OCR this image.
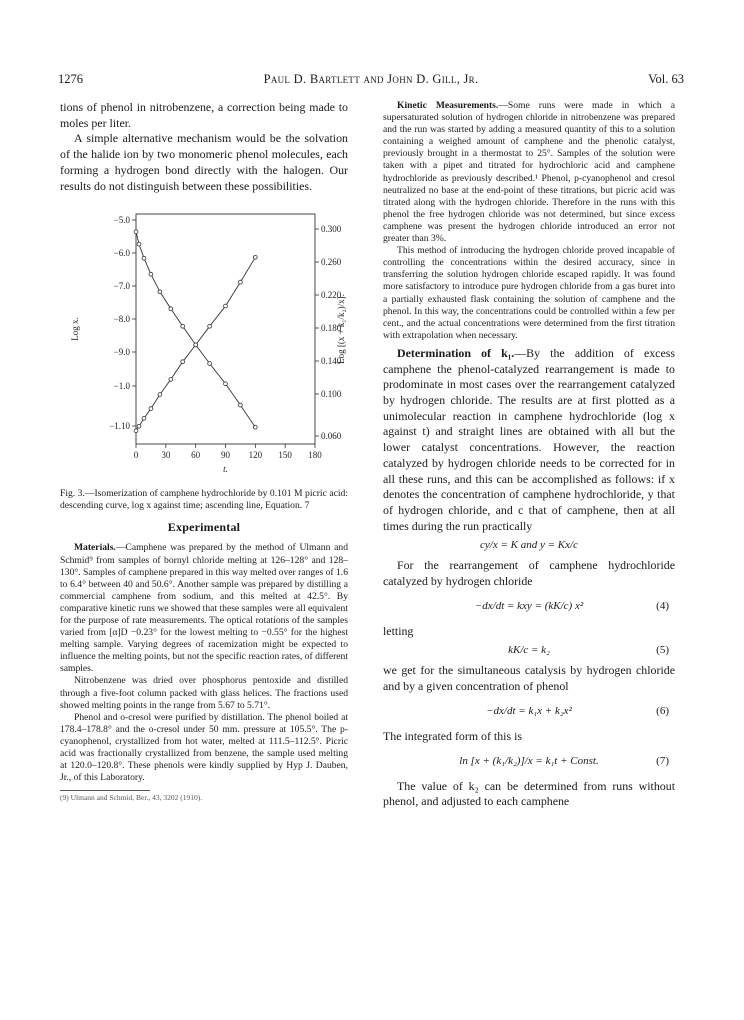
1276	Paul D. Bartlett and John D. Gill, Jr.	Vol. 63

tions of phenol in nitrobenzene, a correction being made to moles per liter.

A simple alternative mechanism would be the solvation of the halide ion by two monomeric phenol molecules, each forming a hydrogen bond directly with the halogen. Our results do not distinguish between these possibilities.

0	30 60 90 120 150 180
t.
−5.0
−6.0
−7.0
−8.0
−9.0
−1.0
−1.10
Log x.
0.300
0.260
0.220
0.180
0.140
0.100
0.060
Log [(x + k₁/k₂)/x].

Fig. 3.—Isomerization of camphene hydrochloride by 0.101 M picric acid: descending curve, log x against time; ascending line, Equation. 7

Experimental

Materials.—Camphene was prepared by the method of Ulmann and Schmid⁹ from samples of bornyl chloride melting at 126–128° and 128–130°. Samples of camphene prepared in this way melted over ranges of 1.6 to 6.4° between 40 and 50.6°. Another sample was prepared by distilling a commercial camphene from sodium, and this melted at 42.5°. By comparative kinetic runs we showed that these samples were all equivalent for the purpose of rate measurements. The optical rotations of the samples varied from [α]D −0.23° for the lowest melting to −0.55° for the highest melting sample. Varying degrees of racemization might be expected to influence the melting points, but not the specific reaction rates, of different samples.

Nitrobenzene was dried over phosphorus pentoxide and distilled through a five-foot column packed with glass helices. The fractions used showed melting points in the range from 5.67 to 5.71°.

Phenol and o-cresol were purified by distillation. The phenol boiled at 178.4–178.8° and the o-cresol under 50 mm. pressure at 105.5°. The p-cyanophenol, crystallized from hot water, melted at 111.5–112.5°. Picric acid was fractionally crystallized from benzene, the sample used melting at 120.0–120.8°. These phenols were kindly supplied by Hyp J. Dauben, Jr., of this Laboratory.

(9) Ulmann and Schmid, Ber., 43, 3202 (1910).

Kinetic Measurements.—Some runs were made in which a supersaturated solution of hydrogen chloride in nitrobenzene was prepared and the run was started by adding a measured quantity of this to a solution containing a weighed amount of camphene and the phenolic catalyst, previously brought in a thermostat to 25°. Samples of the solution were taken with a pipet and titrated for hydrochloric acid and camphene hydrochloride as previously described.¹ Phenol, p-cyanophenol and cresol neutralized no base at the end-point of these titrations, but picric acid was titrated along with the hydrogen chloride. Therefore in the runs with this phenol the free hydrogen chloride was not determined, but since excess camphene was present the hydrogen chloride introduced an error not greater than 3%.

This method of introducing the hydrogen chloride proved incapable of controlling the concentrations within the desired accuracy, since in transferring the solution hydrogen chloride escaped rapidly. It was found more satisfactory to introduce pure hydrogen chloride from a gas buret into a partially exhausted flask containing the solution of camphene and the phenol. In this way, the concentrations could be controlled within a few per cent., and the actual concentrations were determined from the first titration with extrapolation when necessary.

Determination of k₁.—By the addition of excess camphene the phenol-catalyzed rearrangement is made to prodominate in most cases over the rearrangement catalyzed by hydrogen chloride. The results are at first plotted as a unimolecular reaction in camphene hydrochloride (log x against t) and straight lines are obtained with all but the lower catalyst concentrations. However, the reaction catalyzed by hydrogen chloride needs to be corrected for in all these runs, and this can be accomplished as follows: if x denotes the concentration of camphene hydrochloride, y that of hydrogen chloride, and c that of camphene, then at all times during the run practically

cy/x = K and y = Kx/c

For the rearrangement of camphene hydrochloride catalyzed by hydrogen chloride

−dx/dt = kxy = (kK/c) x²	(4)

letting

kK/c = k₂	(5)

we get for the simultaneous catalysis by hydrogen chloride and by a given concentration of phenol

−dx/dt = k₁x + k₂x²	(6)

The integrated form of this is

ln [x + (k₁/k₂)]/x = k₁t + Const.	(7)

The value of k₂ can be determined from runs without phenol, and adjusted to each camphene
